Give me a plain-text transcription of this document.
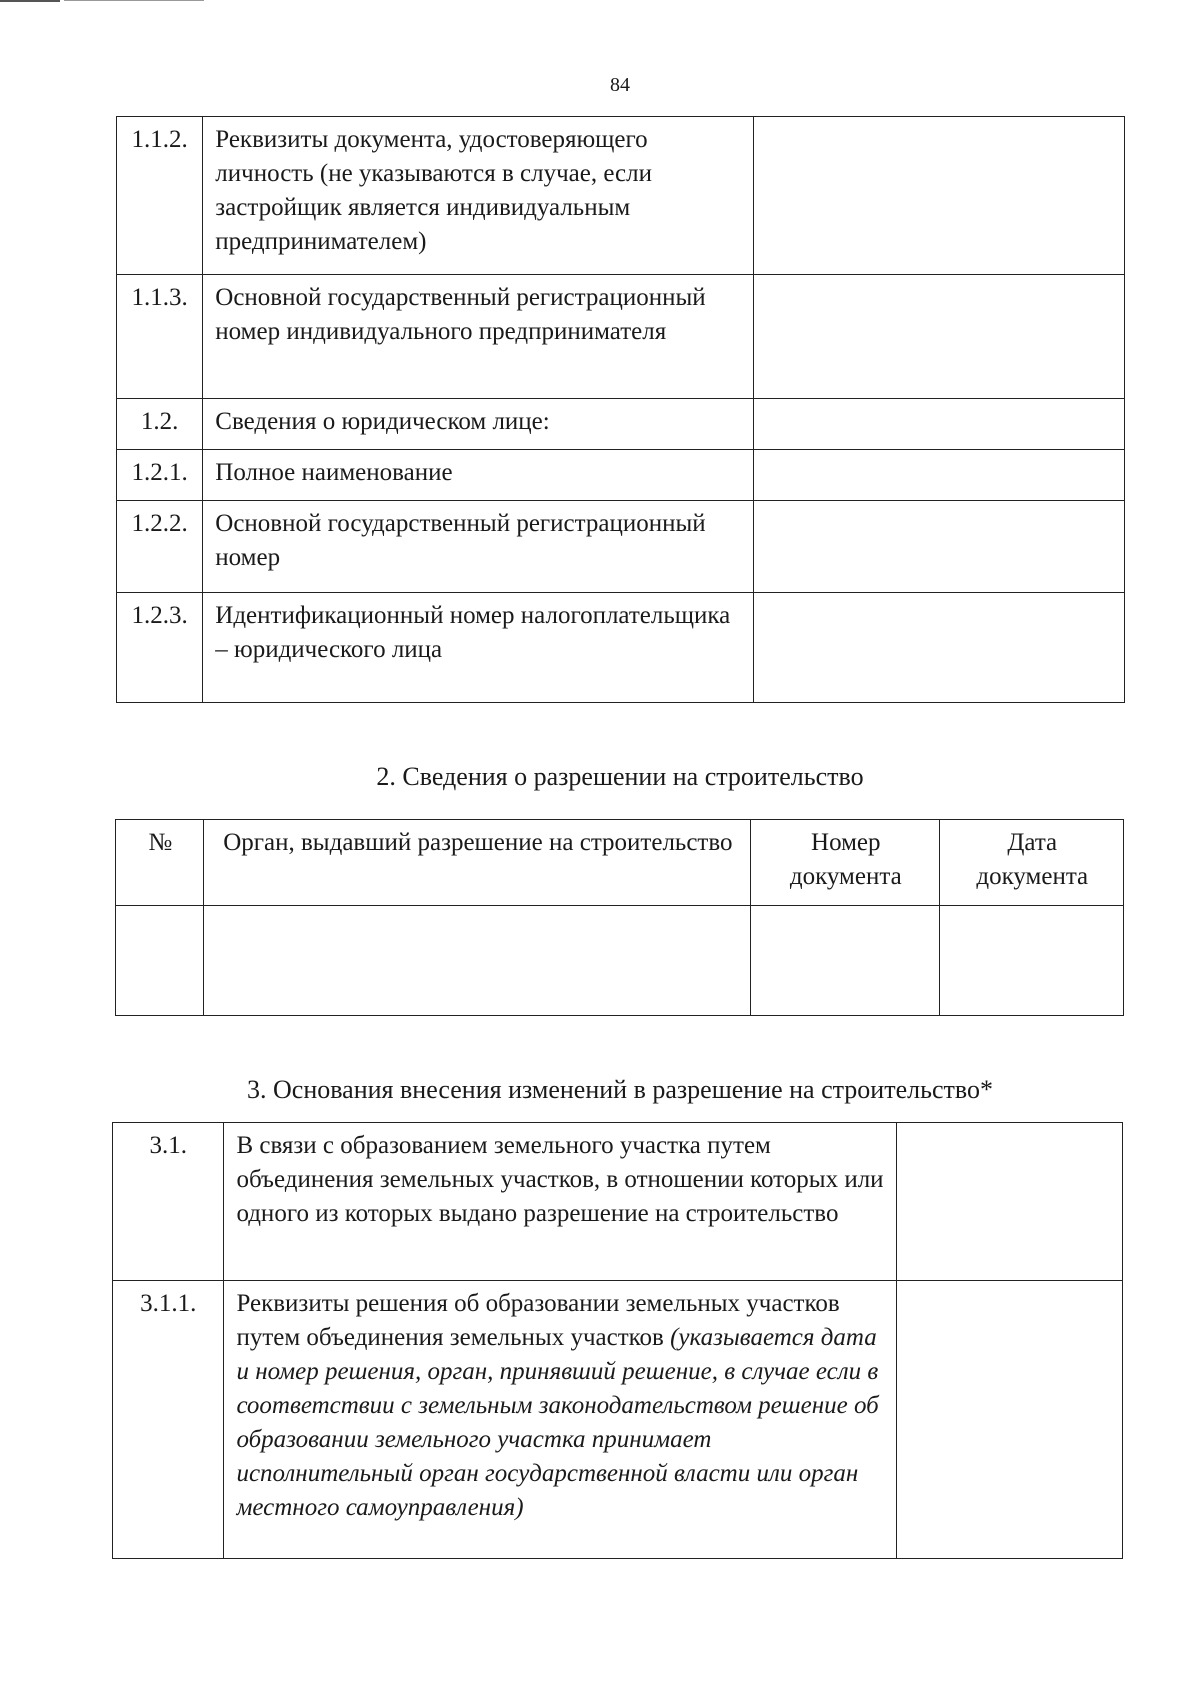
84
1.1.2.	Реквизиты документа, удостоверяющего личность (не указываются в случае, если застройщик является индивидуальным предпринимателем)	
1.1.3.	Основной государственный регистрационный номер индивидуального предпринимателя	
1.2.	Сведения о юридическом лице:	
1.2.1.	Полное наименование	
1.2.2.	Основной государственный регистрационный номер	
1.2.3.	Идентификационный номер налогоплательщика – юридического лица	
2. Сведения о разрешении на строительство
№	Орган, выдавший разрешение на строительство	Номер документа	Дата документа

3. Основания внесения изменений в разрешение на строительство*
3.1.	В связи с образованием земельного участка путем объединения земельных участков, в отношении которых или одного из которых выдано разрешение на строительство	
3.1.1.	Реквизиты решения об образовании земельных участков путем объединения земельных участков (указывается дата и номер решения, орган, принявший решение, в случае если в соответствии с земельным законодательством решение об образовании земельного участка принимает исполнительный орган государственной власти или орган местного самоуправления)	
